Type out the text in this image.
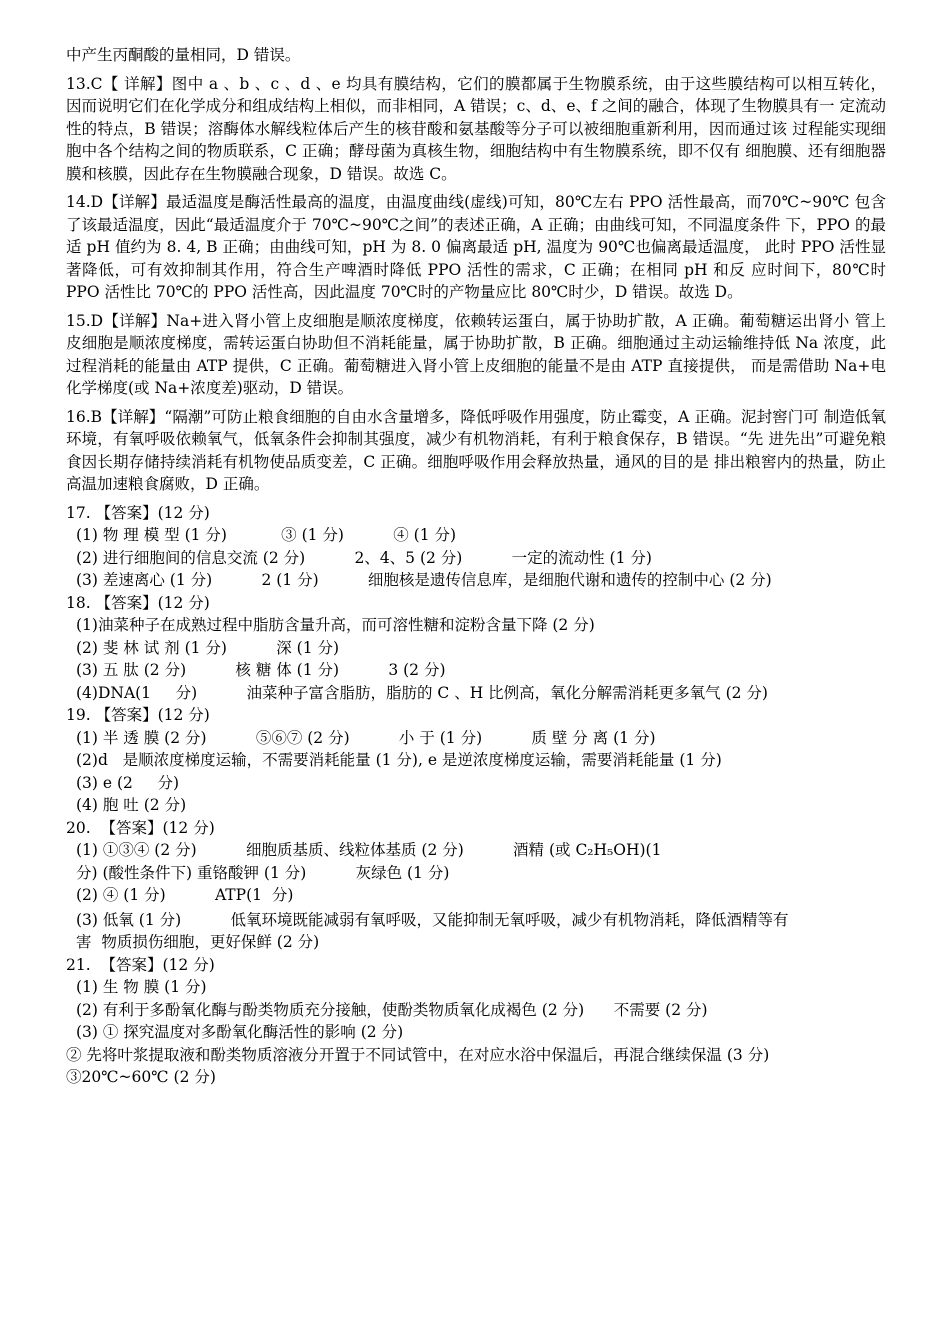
中产生丙酮酸的量相同，D 错误。

13.C【 详解】图中 a 、b 、c 、d 、e 均具有膜结构，它们的膜都属于生物膜系统，由于这些膜结构可以相互转化， 因而说明它们在化学成分和组成结构上相似，而非相同，A 错误；c、d、e、f 之间的融合，体现了生物膜具有一 定流动性的特点，B 错误；溶酶体水解线粒体后产生的核苷酸和氨基酸等分子可以被细胞重新利用，因而通过该 过程能实现细胞中各个结构之间的物质联系，C 正确；酵母菌为真核生物，细胞结构中有生物膜系统，即不仅有 细胞膜、还有细胞器膜和核膜，因此存在生物膜融合现象，D 错误。故选 C。

14.D【详解】最适温度是酶活性最高的温度，由温度曲线(虚线)可知，80℃左右 PPO 活性最高，而70℃~90℃ 包含了该最适温度，因此“最适温度介于 70℃~90℃之间”的表述正确，A 正确；由曲线可知，不同温度条件 下，PPO 的最适 pH 值约为 8. 4, B 正确；由曲线可知，pH 为 8. 0 偏离最适 pH, 温度为 90℃也偏离最适温度， 此时 PPO 活性显著降低，可有效抑制其作用，符合生产啤酒时降低 PPO 活性的需求，C 正确；在相同 pH 和反 应时间下，80℃时 PPO 活性比 70℃的 PPO 活性高，因此温度 70℃时的产物量应比 80℃时少，D 错误。故选 D。

15.D【详解】Na+进入肾小管上皮细胞是顺浓度梯度，依赖转运蛋白，属于协助扩散，A 正确。葡萄糖运出肾小 管上皮细胞是顺浓度梯度，需转运蛋白协助但不消耗能量，属于协助扩散，B 正确。细胞通过主动运输维持低 Na 浓度，此过程消耗的能量由 ATP 提供，C 正确。葡萄糖进入肾小管上皮细胞的能量不是由 ATP 直接提供， 而是需借助 Na+电化学梯度(或 Na+浓度差)驱动，D 错误。

16.B【详解】“隔潮”可防止粮食细胞的自由水含量增多，降低呼吸作用强度，防止霉变，A 正确。泥封窖门可 制造低氧环境，有氧呼吸依赖氧气，低氧条件会抑制其强度，减少有机物消耗，有利于粮食保存，B 错误。“先 进先出”可避免粮食因长期存储持续消耗有机物使品质变差，C 正确。细胞呼吸作用会释放热量，通风的目的是 排出粮窖内的热量，防止高温加速粮食腐败，D 正确。

17. 【答案】(12 分)

(1) 物 理 模 型 (1 分)           ③ (1 分)          ④ (1 分)

(2) 进行细胞间的信息交流 (2 分)          2、4、5 (2 分)          一定的流动性 (1 分)

(3) 差速离心 (1 分)          2 (1 分)          细胞核是遗传信息库，是细胞代谢和遗传的控制中心 (2 分)

18. 【答案】(12 分)

(1)油菜种子在成熟过程中脂肪含量升高，而可溶性糖和淀粉含量下降 (2 分)

(2) 斐 林 试 剂 (1 分)          深 (1 分)

(3) 五 肽 (2 分)          核 糖 体 (1 分)          3 (2 分)

(4)DNA(1     分)          油菜种子富含脂肪，脂肪的 C 、H 比例高，氧化分解需消耗更多氧气 (2 分)

19. 【答案】(12 分)

(1) 半 透 膜 (2 分)          ⑤⑥⑦ (2 分)          小 于 (1 分)          质 壁 分 离 (1 分)

(2)d   是顺浓度梯度运输，不需要消耗能量 (1 分), e 是逆浓度梯度运输，需要消耗能量 (1 分)

(3) e (2     分)

(4) 胞 吐 (2 分)

20.  【答案】(12 分)

(1) ①③④ (2 分)          细胞质基质、线粒体基质 (2 分)          酒精 (或 C₂H₅OH)(1

分) (酸性条件下) 重铬酸钾 (1 分)          灰绿色 (1 分)

(2) ④ (1 分)          ATP(1  分)

(3) 低氧 (1 分)          低氧环境既能减弱有氧呼吸，又能抑制无氧呼吸，减少有机物消耗，降低酒精等有

害  物质损伤细胞，更好保鲜 (2 分)

21.  【答案】(12 分)

(1) 生 物 膜 (1 分)

(2) 有利于多酚氧化酶与酚类物质充分接触，使酚类物质氧化成褐色 (2 分)      不需要 (2 分)

(3) ① 探究温度对多酚氧化酶活性的影响 (2 分)

② 先将叶浆提取液和酚类物质溶液分开置于不同试管中，在对应水浴中保温后，再混合继续保温 (3 分)

③20℃~60℃ (2 分)
